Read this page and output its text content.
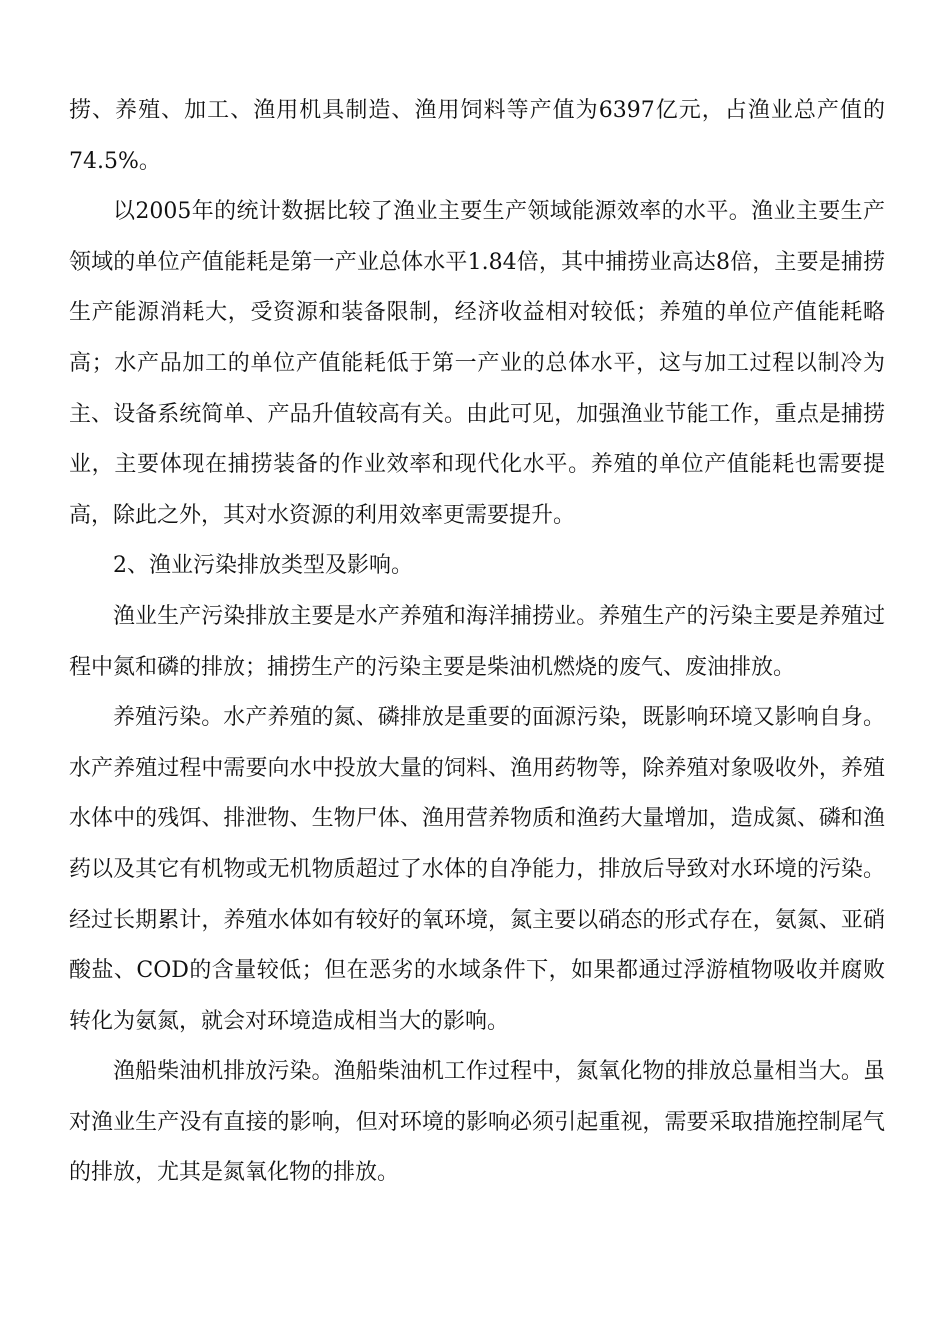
捞、养殖、加工、渔用机具制造、渔用饲料等产值为6397亿元，占渔业总产值的74.5%。

以2005年的统计数据比较了渔业主要生产领域能源效率的水平。渔业主要生产领域的单位产值能耗是第一产业总体水平1.84倍，其中捕捞业高达8倍，主要是捕捞生产能源消耗大，受资源和装备限制，经济收益相对较低；养殖的单位产值能耗略高；水产品加工的单位产值能耗低于第一产业的总体水平，这与加工过程以制冷为主、设备系统简单、产品升值较高有关。由此可见，加强渔业节能工作，重点是捕捞业，主要体现在捕捞装备的作业效率和现代化水平。养殖的单位产值能耗也需要提高，除此之外，其对水资源的利用效率更需要提升。

2、渔业污染排放类型及影响。

渔业生产污染排放主要是水产养殖和海洋捕捞业。养殖生产的污染主要是养殖过程中氮和磷的排放；捕捞生产的污染主要是柴油机燃烧的废气、废油排放。

养殖污染。水产养殖的氮、磷排放是重要的面源污染，既影响环境又影响自身。水产养殖过程中需要向水中投放大量的饲料、渔用药物等，除养殖对象吸收外，养殖水体中的残饵、排泄物、生物尸体、渔用营养物质和渔药大量增加，造成氮、磷和渔药以及其它有机物或无机物质超过了水体的自净能力，排放后导致对水环境的污染。经过长期累计，养殖水体如有较好的氧环境，氮主要以硝态的形式存在，氨氮、亚硝酸盐、COD的含量较低；但在恶劣的水域条件下，如果都通过浮游植物吸收并腐败转化为氨氮，就会对环境造成相当大的影响。

渔船柴油机排放污染。渔船柴油机工作过程中，氮氧化物的排放总量相当大。虽对渔业生产没有直接的影响，但对环境的影响必须引起重视，需要采取措施控制尾气的排放，尤其是氮氧化物的排放。
